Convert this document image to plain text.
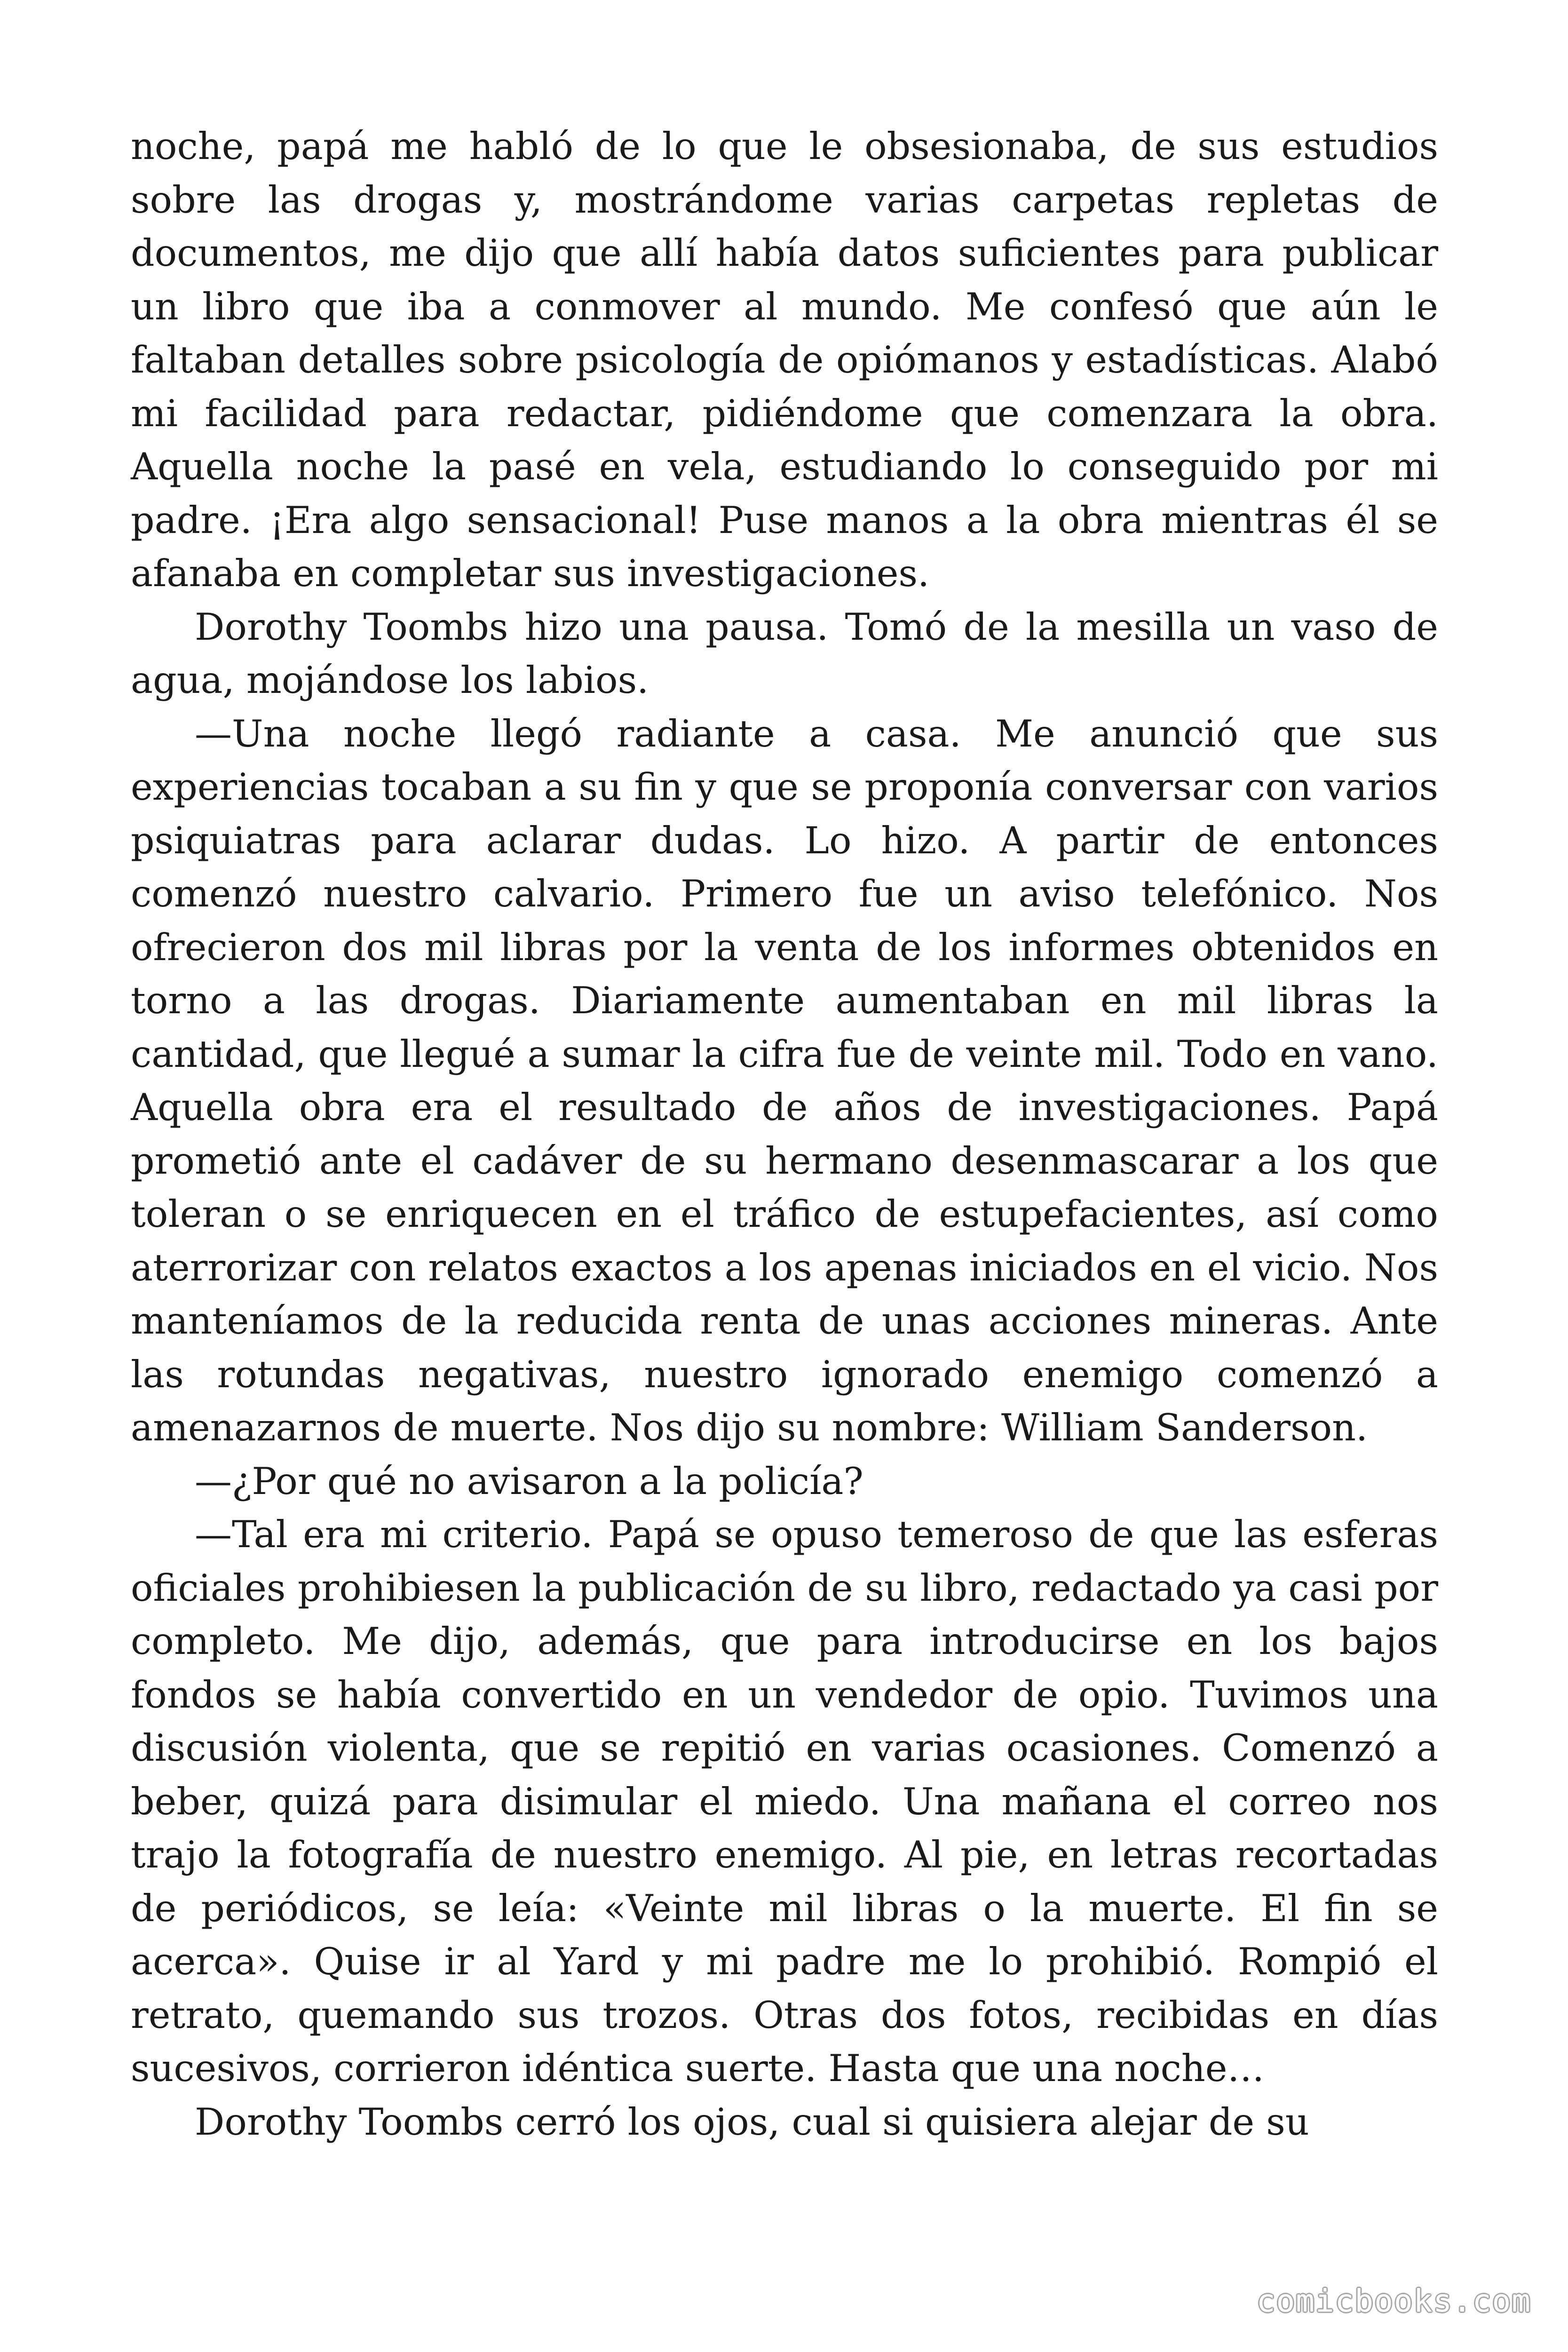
noche, papá me habló de lo que le obsesionaba, de sus estudios sobre las drogas y, mostrándome varias carpetas repletas de documentos, me dijo que allí había datos suficientes para publicar un libro que iba a conmover al mundo. Me confesó que aún le faltaban detalles sobre psicología de opiómanos y estadísticas. Alabó mi facilidad para redactar, pidiéndome que comenzara la obra. Aquella noche la pasé en vela, estudiando lo conseguido por mi padre. ¡Era algo sensacional! Puse manos a la obra mientras él se afanaba en completar sus investigaciones.

Dorothy Toombs hizo una pausa. Tomó de la mesilla un vaso de agua, mojándose los labios.

—Una noche llegó radiante a casa. Me anunció que sus experiencias tocaban a su fin y que se proponía conversar con varios psiquiatras para aclarar dudas. Lo hizo. A partir de entonces comenzó nuestro calvario. Primero fue un aviso telefónico. Nos ofrecieron dos mil libras por la venta de los informes obtenidos en torno a las drogas. Diariamente aumentaban en mil libras la cantidad, que llegué a sumar la cifra fue de veinte mil. Todo en vano. Aquella obra era el resultado de años de investigaciones. Papá prometió ante el cadáver de su hermano desenmascarar a los que toleran o se enriquecen en el tráfico de estupefacientes, así como aterrorizar con relatos exactos a los apenas iniciados en el vicio. Nos manteníamos de la reducida renta de unas acciones mineras. Ante las rotundas negativas, nuestro ignorado enemigo comenzó a amenazarnos de muerte. Nos dijo su nombre: William Sanderson.

—¿Por qué no avisaron a la policía?

—Tal era mi criterio. Papá se opuso temeroso de que las esferas oficiales prohibiesen la publicación de su libro, redactado ya casi por completo. Me dijo, además, que para introducirse en los bajos fondos se había convertido en un vendedor de opio. Tuvimos una discusión violenta, que se repitió en varias ocasiones. Comenzó a beber, quizá para disimular el miedo. Una mañana el correo nos trajo la fotografía de nuestro enemigo. Al pie, en letras recortadas de periódicos, se leía: «Veinte mil libras o la muerte. El fin se acerca». Quise ir al Yard y mi padre me lo prohibió. Rompió el retrato, quemando sus trozos. Otras dos fotos, recibidas en días sucesivos, corrieron idéntica suerte. Hasta que una noche…

Dorothy Toombs cerró los ojos, cual si quisiera alejar de su

comicbooks.com
